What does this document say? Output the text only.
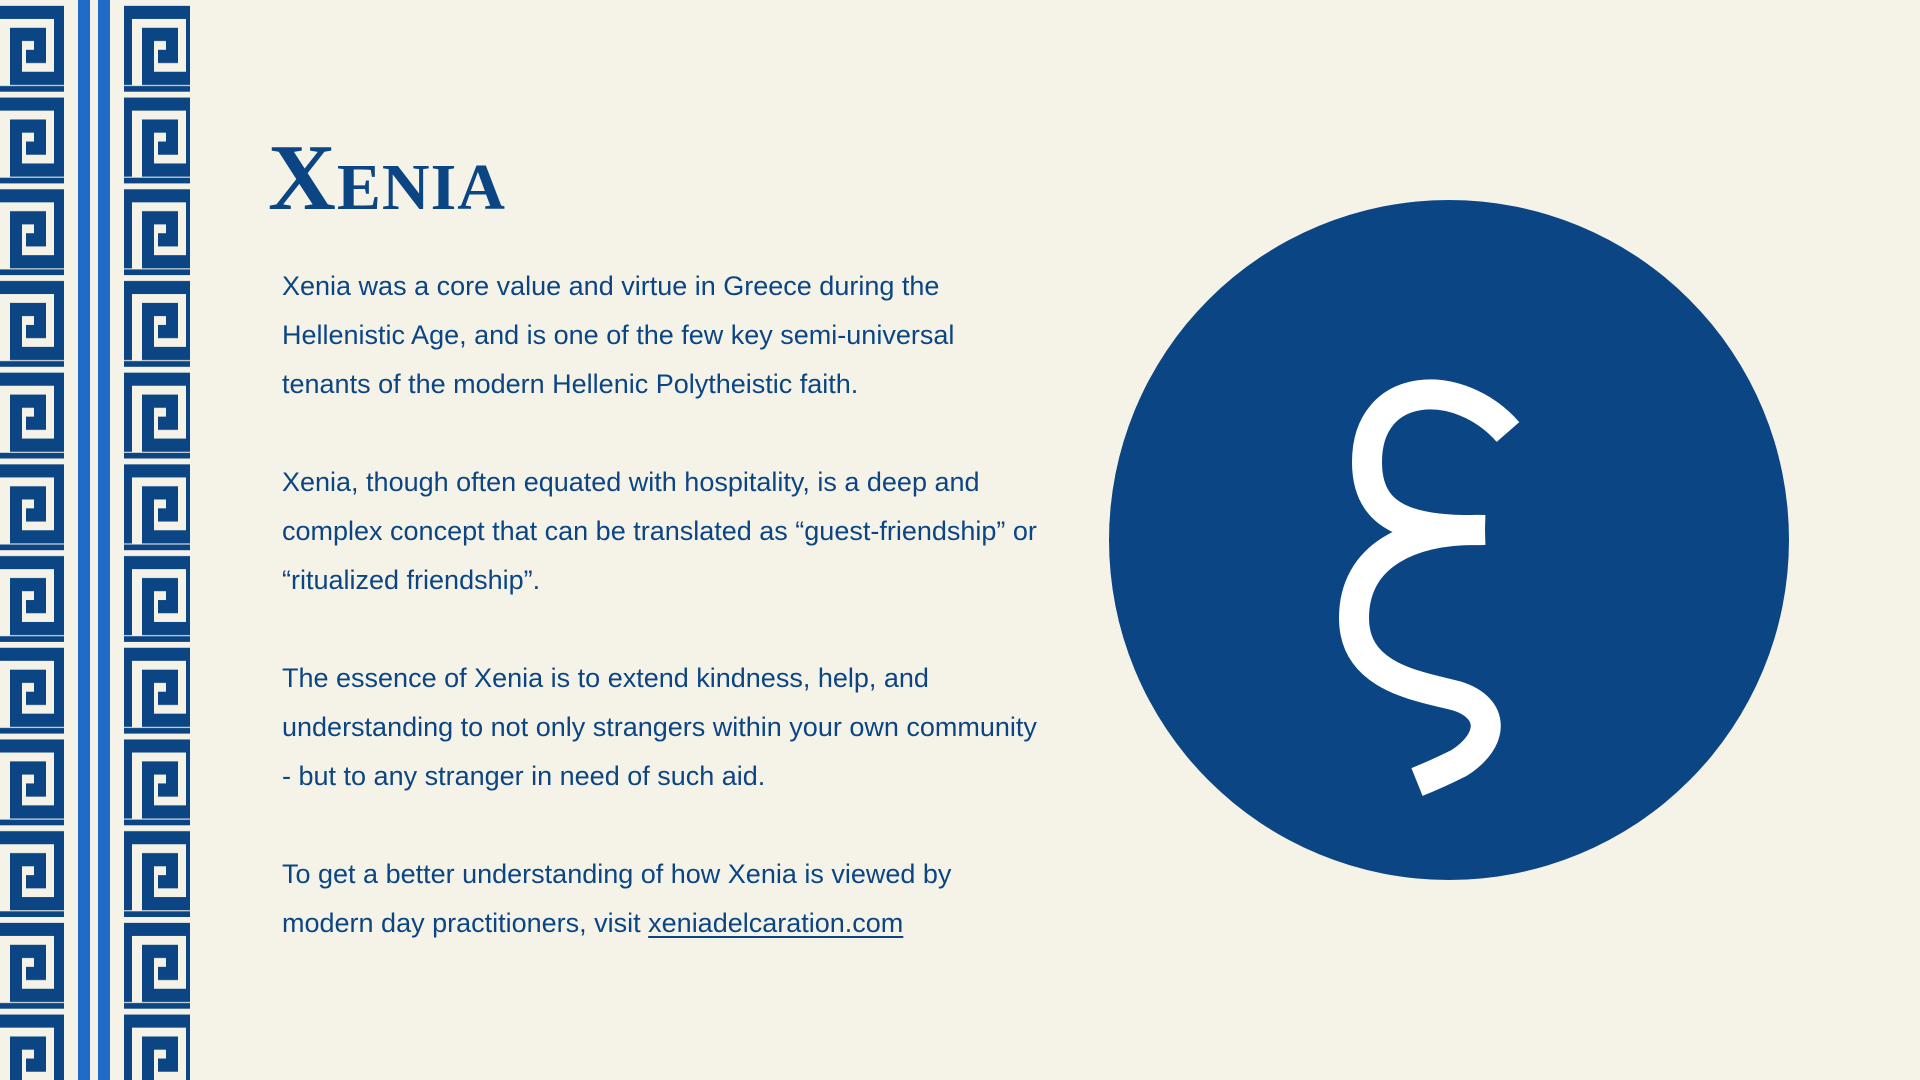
Xenia

Xenia was a core value and virtue in Greece during the Hellenistic Age, and is one of the few key semi-universal tenants of the modern Hellenic Polytheistic faith.

Xenia, though often equated with hospitality, is a deep and complex concept that can be translated as “guest-friendship” or “ritualized friendship”.

The essence of Xenia is to extend kindness, help, and understanding to not only strangers within your own community - but to any stranger in need of such aid.

To get a better understanding of how Xenia is viewed by modern day practitioners, visit xeniadelcaration.com
